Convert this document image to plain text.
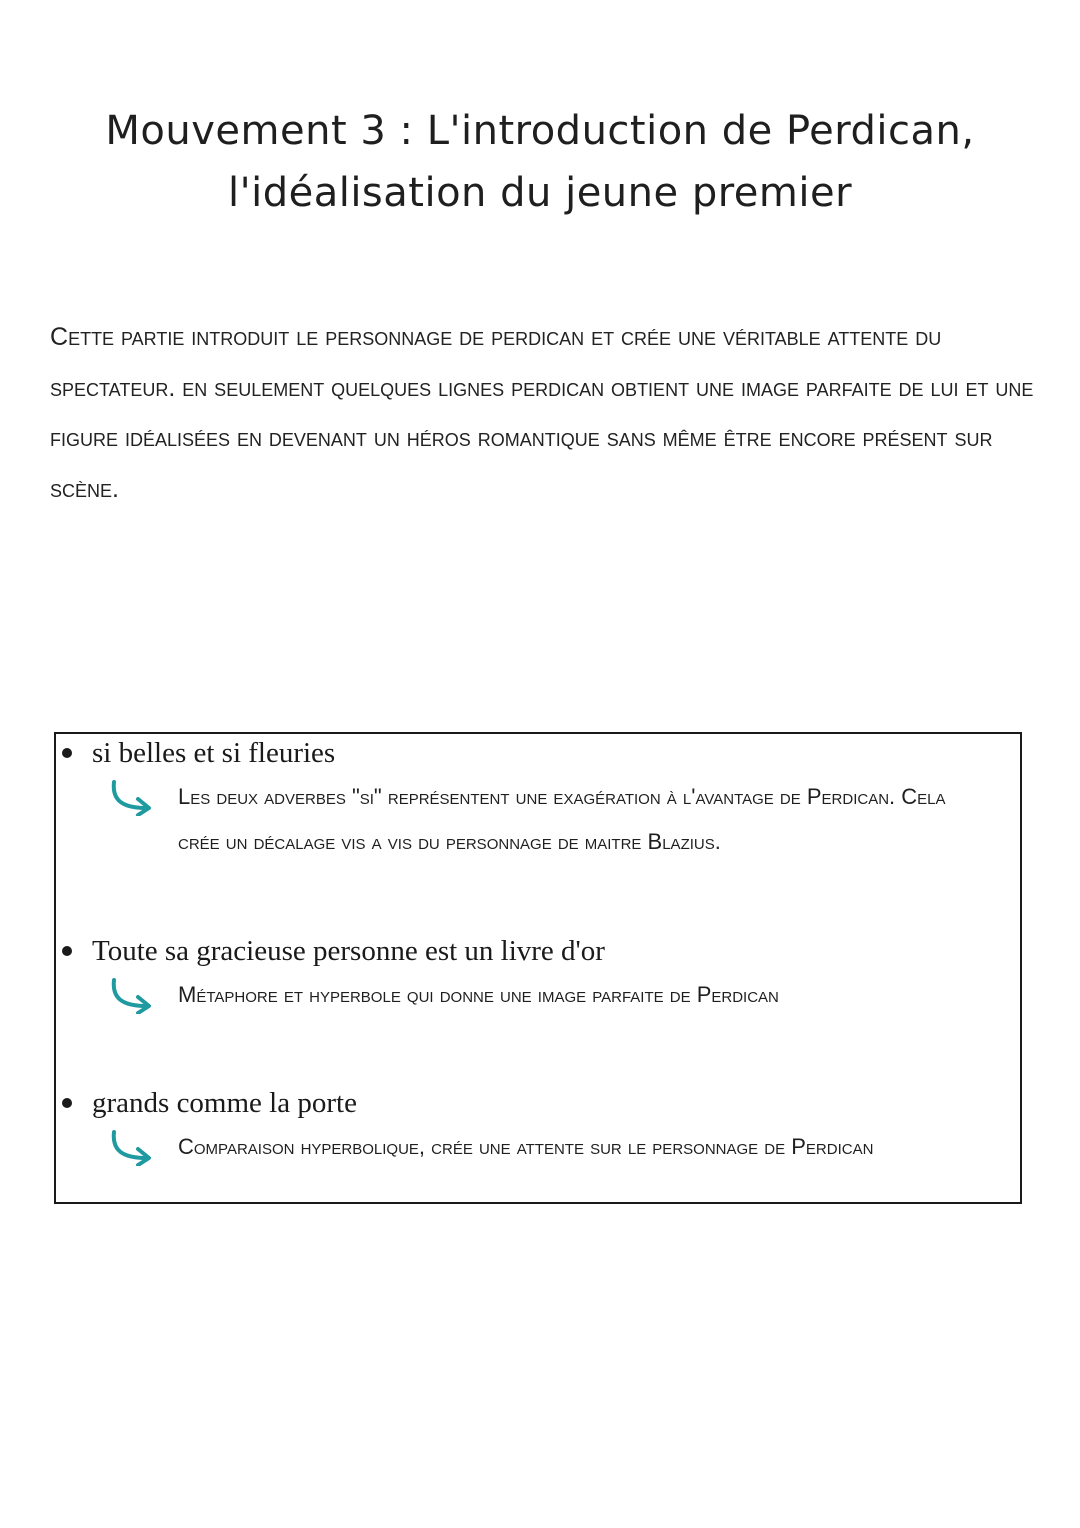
Mouvement 3 : L'introduction de Perdican,
l'idéalisation du jeune premier

Cette partie introduit le personnage de perdican et crée une véritable attente du spectateur. en seulement quelques lignes perdican obtient une image parfaite de lui et une figure idéalisées en devenant un héros romantique sans même être encore présent sur scène.

si belles et si fleuries

Les deux adverbes "si" représentent une exagération à l'avantage de Perdican. Cela crée un décalage vis a vis du personnage de maitre Blazius.

Toute sa gracieuse personne est un livre d'or

Métaphore et hyperbole qui donne une image parfaite de Perdican

grands comme la porte

Comparaison hyperbolique, crée une attente sur le personnage de Perdican
